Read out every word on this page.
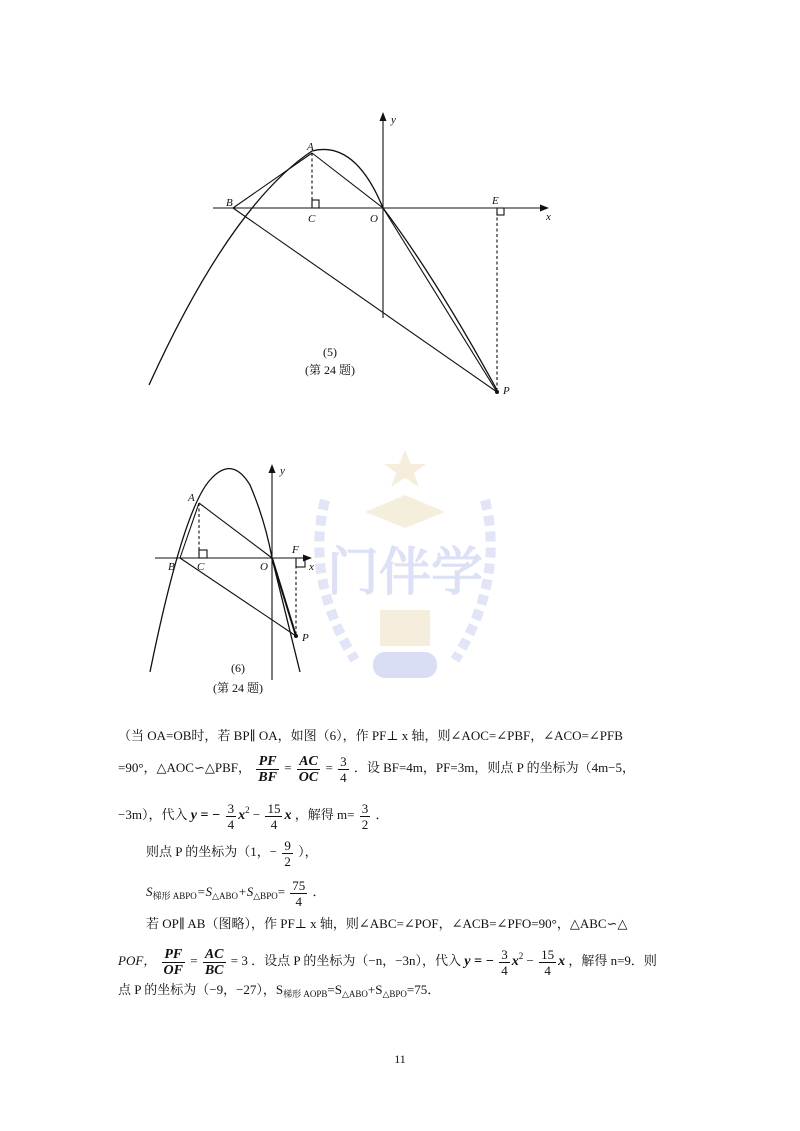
门伴学
y
x
A
B
C	O
E
P
(5)
(第 24 题)
y
x
A
B C	O
F
P
(6)
(第 24 题)
（当 OA=OB时，若 BP∥ OA，如图（6），作 PF⊥ x 轴，则∠AOC=∠PBF，∠ACO=∠PFB
=90°，△AOC∽△PBF， $\frac{PF}{BF} = \frac{AC}{OC} = \frac{3}{4}$ ．设 BF=4m，PF=3m，则点 P 的坐标为（4m−5，
−3m），代入 y = − $\frac{3}{4} x^2 - \frac{15}{4}$ x ，解得 $m= \frac{3}{2}$ ．
则点 P 的坐标为（1，− $\frac{9}{2}$ ），
$S_{梯形 ABPO}=S_{\triangle ABO}+S_{\triangle BPO}= \frac{75}{4}$ ．
若 OP∥ AB（图略），作 PF⊥ x 轴，则∠ABC=∠POF，∠ACB=∠PFO=90°，△ABC∽△
POF， $\frac{PF}{OF} = \frac{AC}{BC} = 3$ ．设点 P 的坐标为（−n，−3n），代入 y = − $\frac{3}{4} x^2 - \frac{15}{4}$ x ，解得 n=9．则
点 P 的坐标为（−9，−27），$S_{梯形 AOPB}=S_{\triangle ABO}+S_{\triangle BPO}=75$．
11
